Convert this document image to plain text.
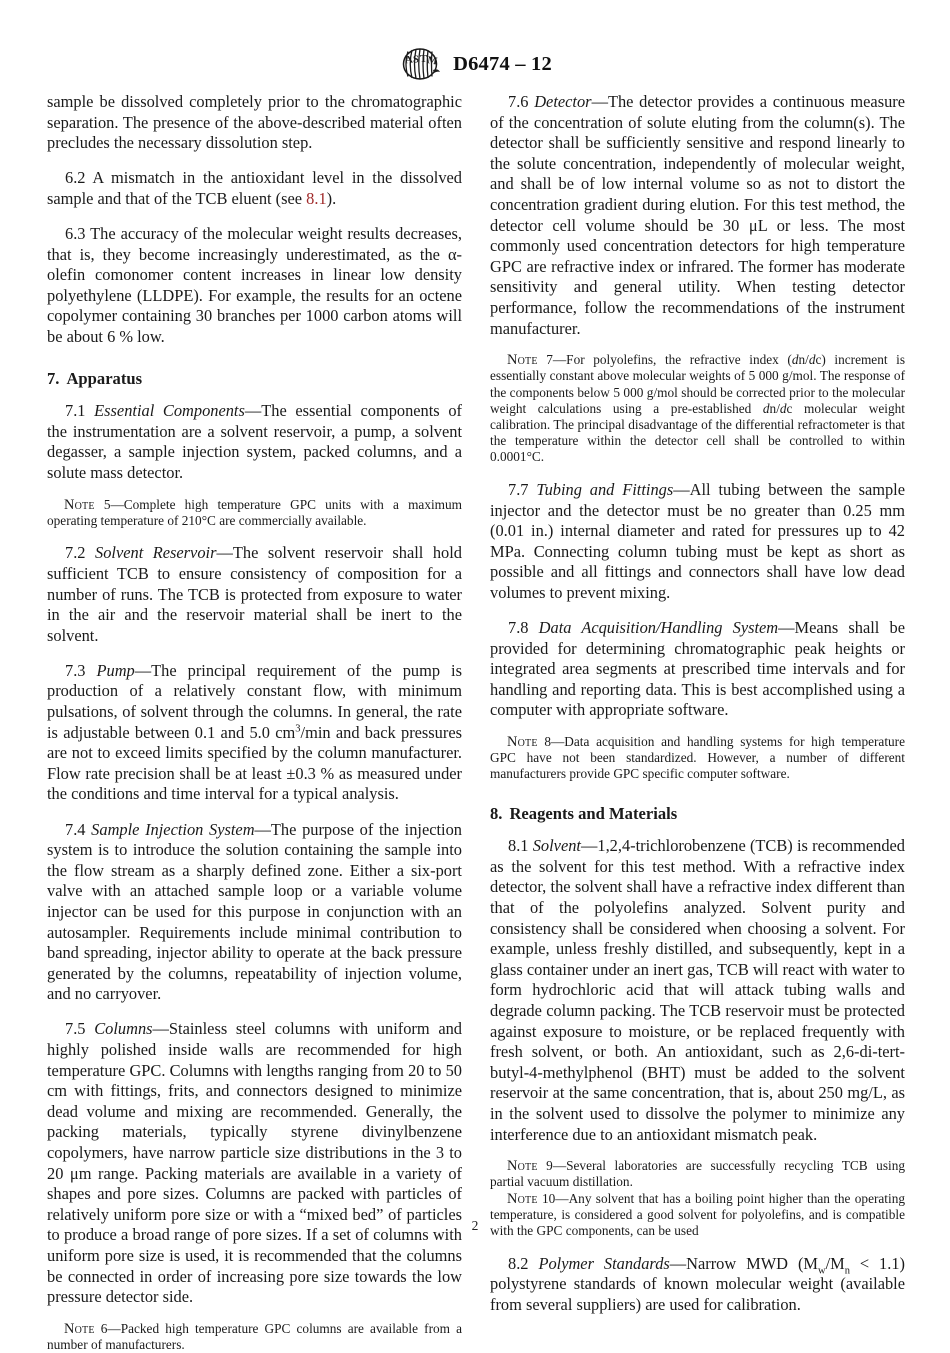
A S T M D6474 – 12

sample be dissolved completely prior to the chromatographic separation. The presence of the above-described material often precludes the necessary dissolution step.

6.2 A mismatch in the antioxidant level in the dissolved sample and that of the TCB eluent (see 8.1).

6.3 The accuracy of the molecular weight results decreases, that is, they become increasingly underestimated, as the α-olefin comonomer content increases in linear low density polyethylene (LLDPE). For example, the results for an octene copolymer containing 30 branches per 1000 carbon atoms will be about 6 % low.

7. Apparatus

7.1 Essential Components—The essential components of the instrumentation are a solvent reservoir, a pump, a solvent degasser, a sample injection system, packed columns, and a solute mass detector.

Note 5—Complete high temperature GPC units with a maximum operating temperature of 210°C are commercially available.

7.2 Solvent Reservoir—The solvent reservoir shall hold sufficient TCB to ensure consistency of composition for a number of runs. The TCB is protected from exposure to water in the air and the reservoir material shall be inert to the solvent.

7.3 Pump—The principal requirement of the pump is production of a relatively constant flow, with minimum pulsations, of solvent through the columns. In general, the rate is adjustable between 0.1 and 5.0 $cm^3/\min$ and back pressures are not to exceed limits specified by the column manufacturer. Flow rate precision shall be at least ±0.3 % as measured under the conditions and time interval for a typical analysis.

7.4 Sample Injection System—The purpose of the injection system is to introduce the solution containing the sample into the flow stream as a sharply defined zone. Either a six-port valve with an attached sample loop or a variable volume injector can be used for this purpose in conjunction with an autosampler. Requirements include minimal contribution to band spreading, injector ability to operate at the back pressure generated by the columns, repeatability of injection volume, and no carryover.

7.5 Columns—Stainless steel columns with uniform and highly polished inside walls are recommended for high temperature GPC. Columns with lengths ranging from 20 to 50 cm with fittings, frits, and connectors designed to minimize dead volume and mixing are recommended. Generally, the packing materials, typically styrene divinylbenzene copolymers, have narrow particle size distributions in the 3 to 20 μm range. Packing materials are available in a variety of shapes and pore sizes. Columns are packed with particles of relatively uniform pore size or with a “mixed bed” of particles to produce a broad range of pore sizes. If a set of columns with uniform pore size is used, it is recommended that the columns be connected in order of increasing pore size towards the low pressure detector side.

Note 6—Packed high temperature GPC columns are available from a number of manufacturers.

7.6 Detector—The detector provides a continuous measure of the concentration of solute eluting from the column(s). The detector shall be sufficiently sensitive and respond linearly to the solute concentration, independently of molecular weight, and shall be of low internal volume so as not to distort the concentration gradient during elution. For this test method, the detector cell volume should be 30 μL or less. The most commonly used concentration detectors for high temperature GPC are refractive index or infrared. The former has moderate sensitivity and general utility. When testing detector performance, follow the recommendations of the instrument manufacturer.

Note 7—For polyolefins, the refractive index (dn/dc) increment is essentially constant above molecular weights of 5 000 g/mol. The response of the components below 5 000 g/mol should be corrected prior to the molecular weight calculations using a pre-established dn/dc molecular weight calibration. The principal disadvantage of the differential refractometer is that the temperature within the detector cell shall be controlled to within 0.0001°C.

7.7 Tubing and Fittings—All tubing between the sample injector and the detector must be no greater than 0.25 mm (0.01 in.) internal diameter and rated for pressures up to 42 MPa. Connecting column tubing must be kept as short as possible and all fittings and connectors shall have low dead volumes to prevent mixing.

7.8 Data Acquisition/Handling System—Means shall be provided for determining chromatographic peak heights or integrated area segments at prescribed time intervals and for handling and reporting data. This is best accomplished using a computer with appropriate software.

Note 8—Data acquisition and handling systems for high temperature GPC have not been standardized. However, a number of different manufacturers provide GPC specific computer software.

8. Reagents and Materials

8.1 Solvent—1,2,4-trichlorobenzene (TCB) is recommended as the solvent for this test method. With a refractive index detector, the solvent shall have a refractive index different than that of the polyolefins analyzed. Solvent purity and consistency shall be considered when choosing a solvent. For example, unless freshly distilled, and subsequently, kept in a glass container under an inert gas, TCB will react with water to form hydrochloric acid that will attack tubing walls and degrade column packing. The TCB reservoir must be protected against exposure to moisture, or be replaced frequently with fresh solvent, or both. An antioxidant, such as 2,6-di-tert-butyl-4-methylphenol (BHT) must be added to the solvent reservoir at the same concentration, that is, about 250 mg/L, as in the solvent used to dissolve the polymer to minimize any interference due to an antioxidant mismatch peak.

Note 9—Several laboratories are successfully recycling TCB using partial vacuum distillation.

Note 10—Any solvent that has a boiling point higher than the operating temperature, is considered a good solvent for polyolefins, and is compatible with the GPC components, can be used

8.2 Polymer Standards—Narrow MWD $(M_w/M_n < 1.1)$ polystyrene standards of known molecular weight (available from several suppliers) are used for calibration.

2
